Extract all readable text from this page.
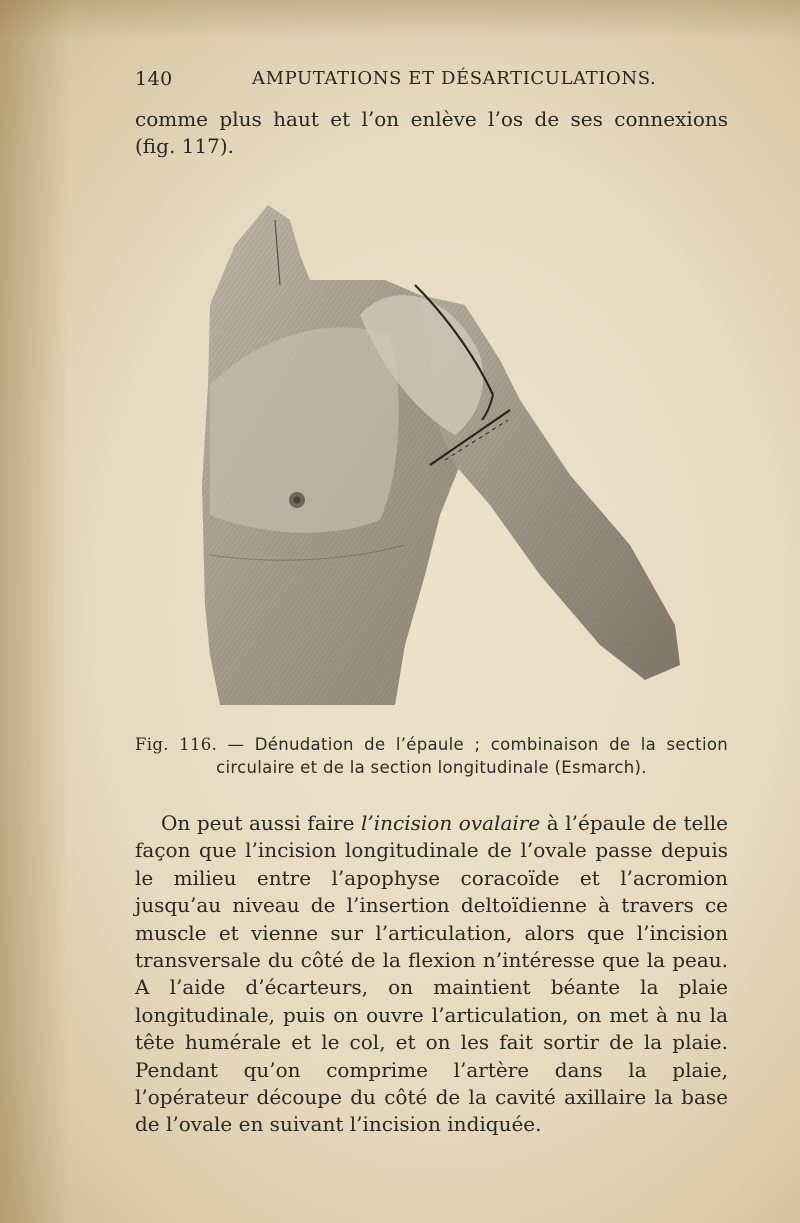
140	AMPUTATIONS ET DÉSARTICULATIONS.
comme plus haut et l’on enlève l’os de ses connexions (fig. 117).
Fig. 116. — Dénudation de l’épaule ; combinaison de la section
circulaire et de la section longitudinale (Esmarch).
On peut aussi faire l’incision ovalaire à l’épaule de telle façon que l’incision longitudinale de l’ovale passe depuis le milieu entre l’apophyse coracoïde et l’acromion jusqu’au niveau de l’insertion deltoïdienne à travers ce muscle et vienne sur l’articulation, alors que l’incision transversale du côté de la flexion n’intéresse que la peau. A l’aide d’écarteurs, on maintient béante la plaie longitudinale, puis on ouvre l’articulation, on met à nu la tête humérale et le col, et on les fait sortir de la plaie. Pendant qu’on comprime l’artère dans la plaie, l’opérateur découpe du côté de la cavité axillaire la base de l’ovale en suivant l’incision indiquée.
